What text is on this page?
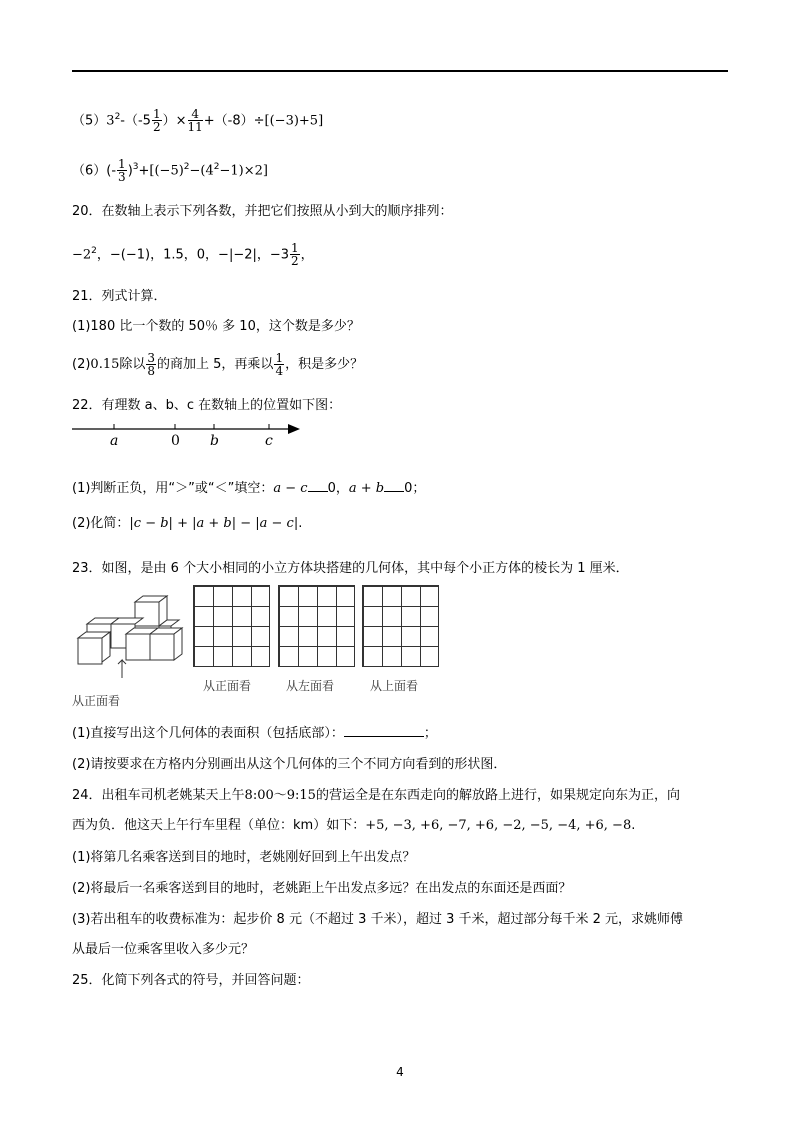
$(5)3^2-(-5 \frac{1}{2}$ ）× $\frac{4}{11} +(-8)\div[(-3)+5]$
$(6)(- \frac{1}{3} )^3+[(-5)^2-(4^2-1)\times 2]$
20．在数轴上表示下列各数，并把它们按照从小到大的顺序排列：
$-2^2$，−(−1)，1.5，0，−|−2|，$-3 \frac{1}{2}$ ，
21．列式计算．
(1)180 比一个数的 50％ 多 10，这个数是多少？
(2)0.15除以 $\frac{3}{8}$ 的商加上 5，再乘以 $\frac{1}{4}$ ，积是多少？
22．有理数 a、b、c 在数轴上的位置如下图：
a	0 b	c
(1)判断正负，用“＞”或“＜”填空：a − c 0，a + b 0；
(2)化简：|c − b| + |a + b| − |a − c|.
23．如图，是由 6 个大小相同的小立方体块搭建的几何体，其中每个小正方体的棱长为 1 厘米．
从正面看
从正面看	从左面看	从上面看
(1)直接写出这个几何体的表面积（包括底部）：	；
(2)请按要求在方格内分别画出从这个几何体的三个不同方向看到的形状图．
24．出租车司机老姚某天上午8:00～9:15的营运全是在东西走向的解放路上进行，如果规定向东为正，向
西为负．他这天上午行车里程（单位：km）如下：+5, −3, +6, −7, +6, −2, −5, −4, +6, −8.
(1)将第几名乘客送到目的地时，老姚刚好回到上午出发点？
(2)将最后一名乘客送到目的地时，老姚距上午出发点多远？在出发点的东面还是西面？
(3)若出租车的收费标准为：起步价 8 元（不超过 3 千米），超过 3 千米，超过部分每千米 2 元，求姚师傅
从最后一位乘客里收入多少元？
25．化简下列各式的符号，并回答问题：
4
